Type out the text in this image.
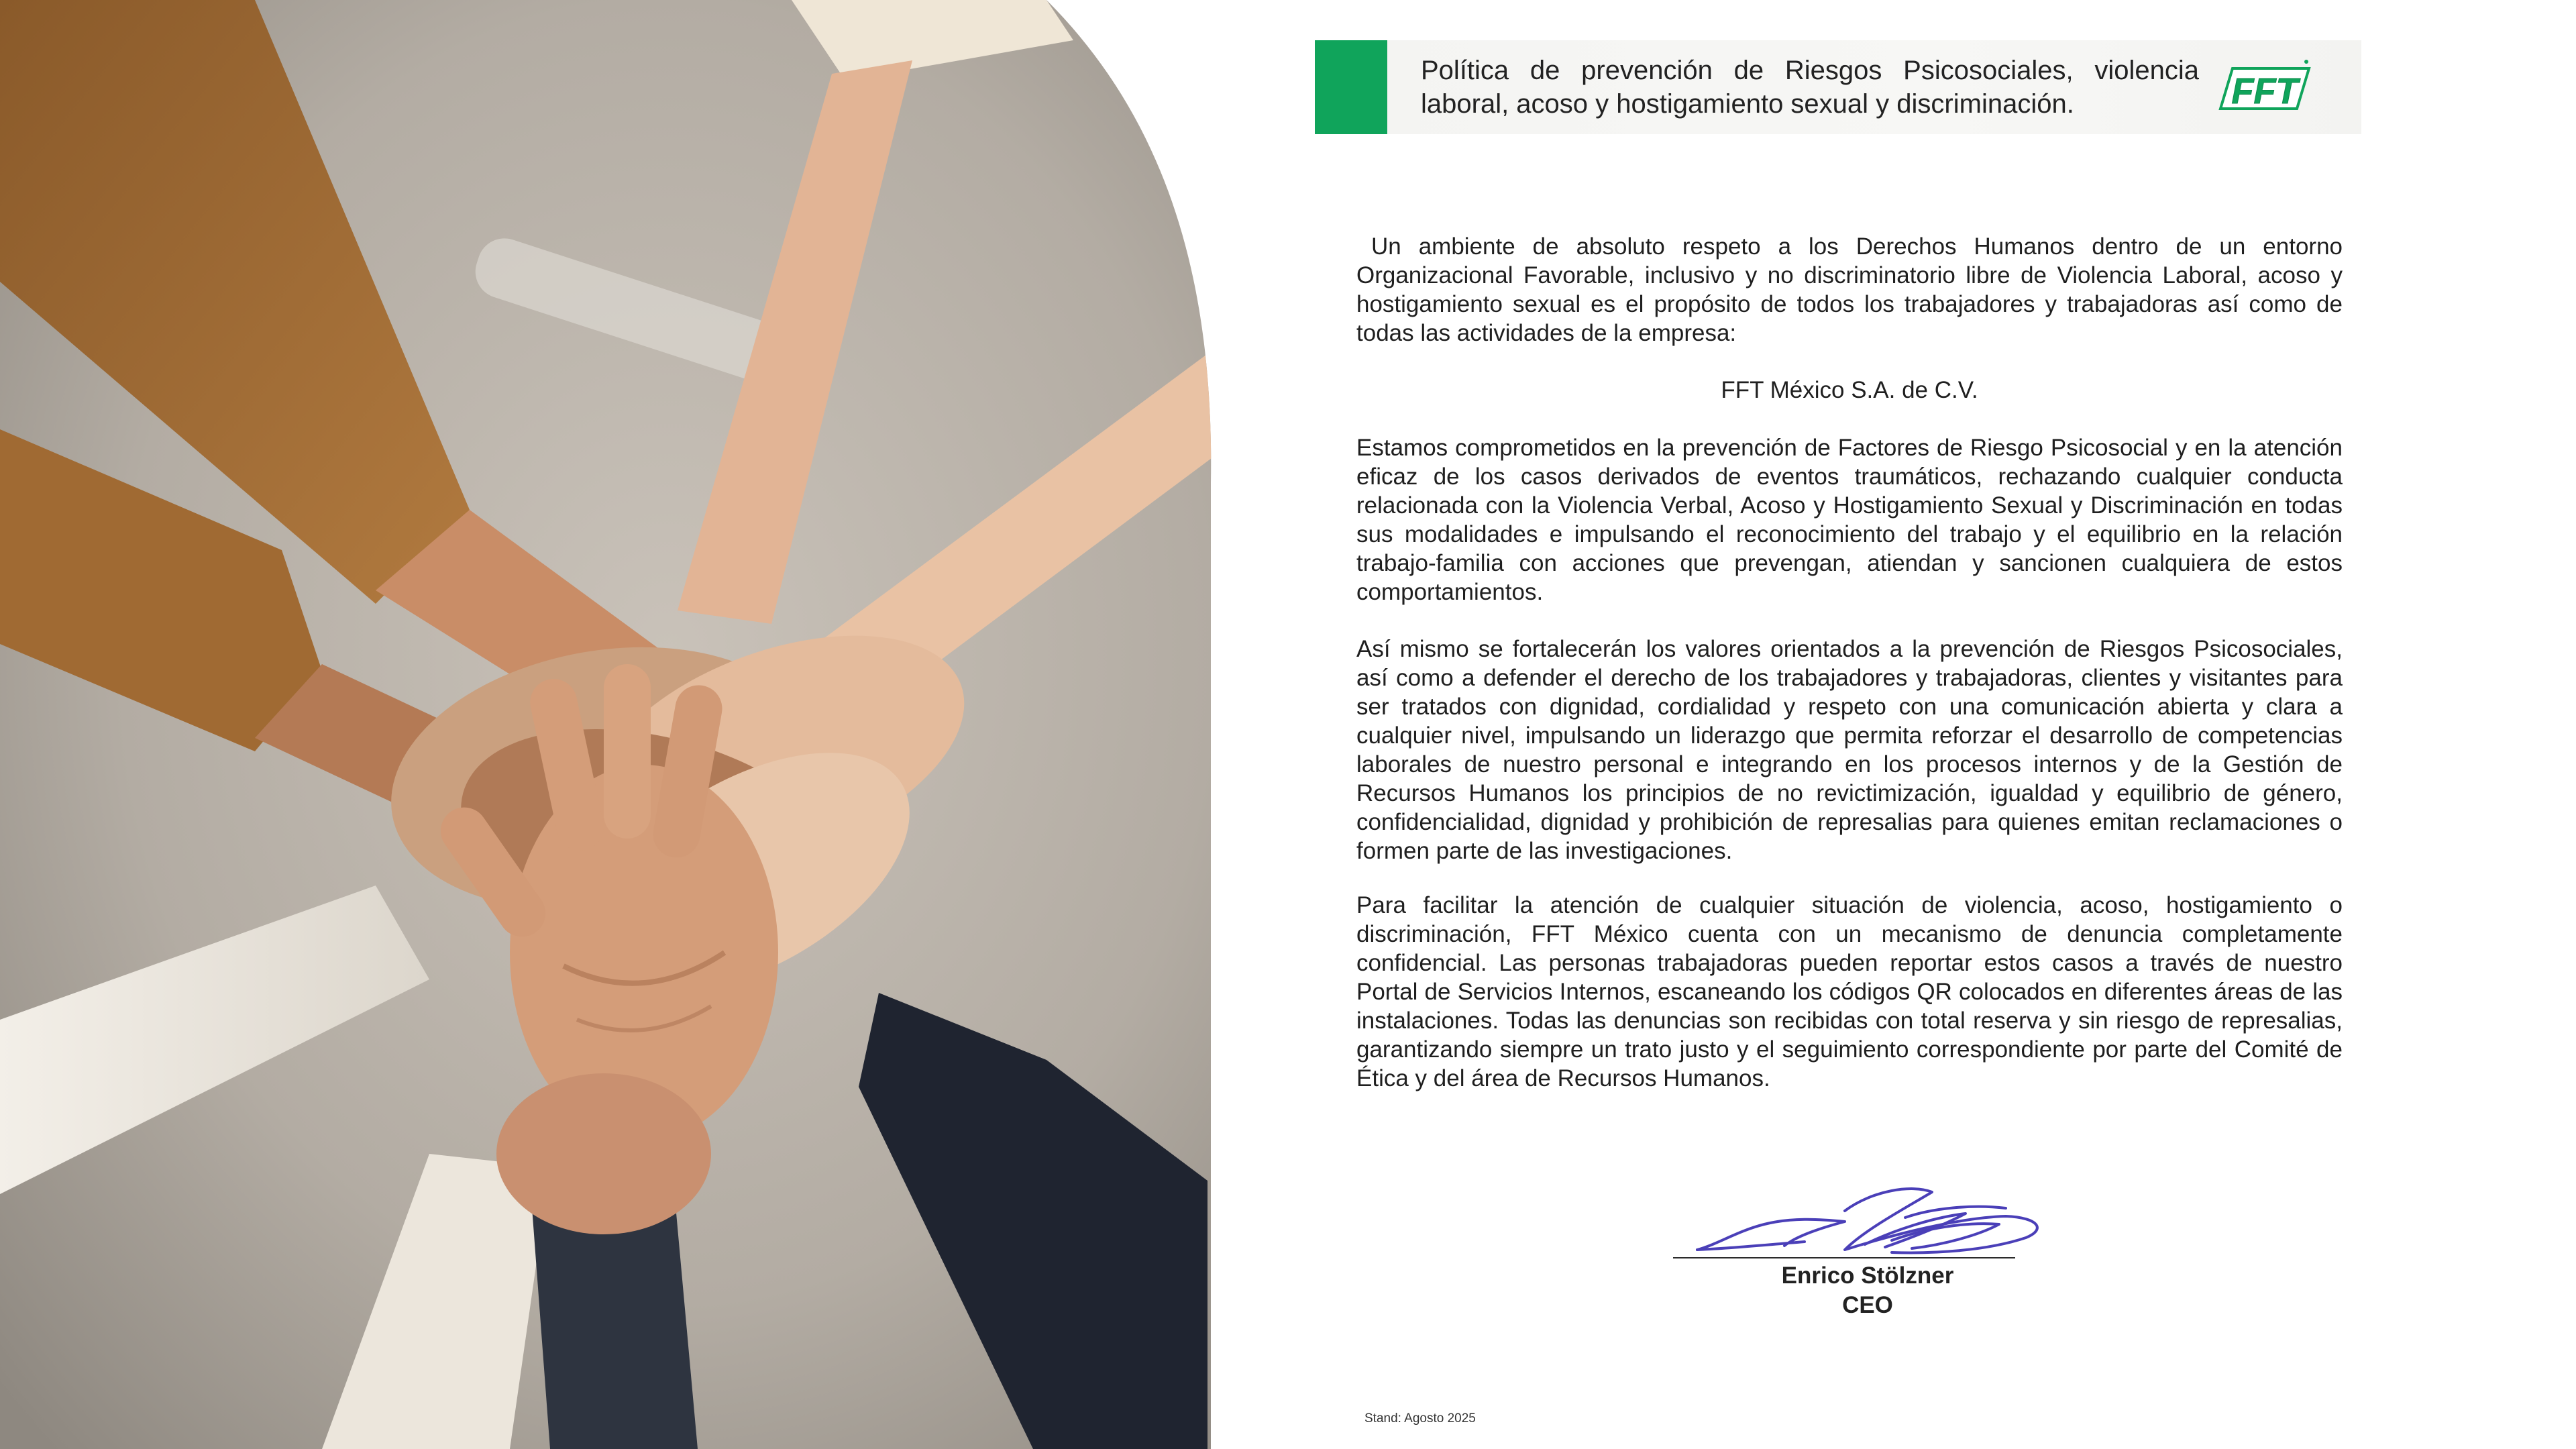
Política de prevención de Riesgos Psicosociales, violencia laboral, acoso y hostigamiento sexual y discriminación.	FFT
Un ambiente de absoluto respeto a los Derechos Humanos dentro de un entorno Organizacional Favorable, inclusivo y no discriminatorio libre de Violencia Laboral, acoso y hostigamiento sexual es el propósito de todos los trabajadores y trabajadoras así como de todas las actividades de la empresa:
FFT México S.A. de C.V.
Estamos comprometidos en la prevención de Factores de Riesgo Psicosocial y en la atención eficaz de los casos derivados de eventos traumáticos, rechazando cualquier conducta relacionada con la Violencia Verbal, Acoso y Hostigamiento Sexual y Discriminación en todas sus modalidades e impulsando el reconocimiento del trabajo y el equilibrio en la relación trabajo-familia con acciones que prevengan, atiendan y sancionen cualquiera de estos comportamientos.
Así mismo se fortalecerán los valores orientados a la prevención de Riesgos Psicosociales, así como a defender el derecho de los trabajadores y trabajadoras, clientes y visitantes para ser tratados con dignidad, cordialidad y respeto con una comunicación abierta y clara a cualquier nivel, impulsando un liderazgo que permita reforzar el desarrollo de competencias laborales de nuestro personal e integrando en los procesos internos y de la Gestión de Recursos Humanos los principios de no revictimización, igualdad y equilibrio de género, confidencialidad, dignidad y prohibición de represalias para quienes emitan reclamaciones o formen parte de las investigaciones.
Para facilitar la atención de cualquier situación de violencia, acoso, hostigamiento o discriminación, FFT México cuenta con un mecanismo de denuncia completamente confidencial. Las personas trabajadoras pueden reportar estos casos a través de nuestro Portal de Servicios Internos, escaneando los códigos QR colocados en diferentes áreas de las instalaciones. Todas las denuncias son recibidas con total reserva y sin riesgo de represalias, garantizando siempre un trato justo y el seguimiento correspondiente por parte del Comité de Ética y del área de Recursos Humanos.
Enrico Stölzner
CEO
Stand: Agosto 2025
